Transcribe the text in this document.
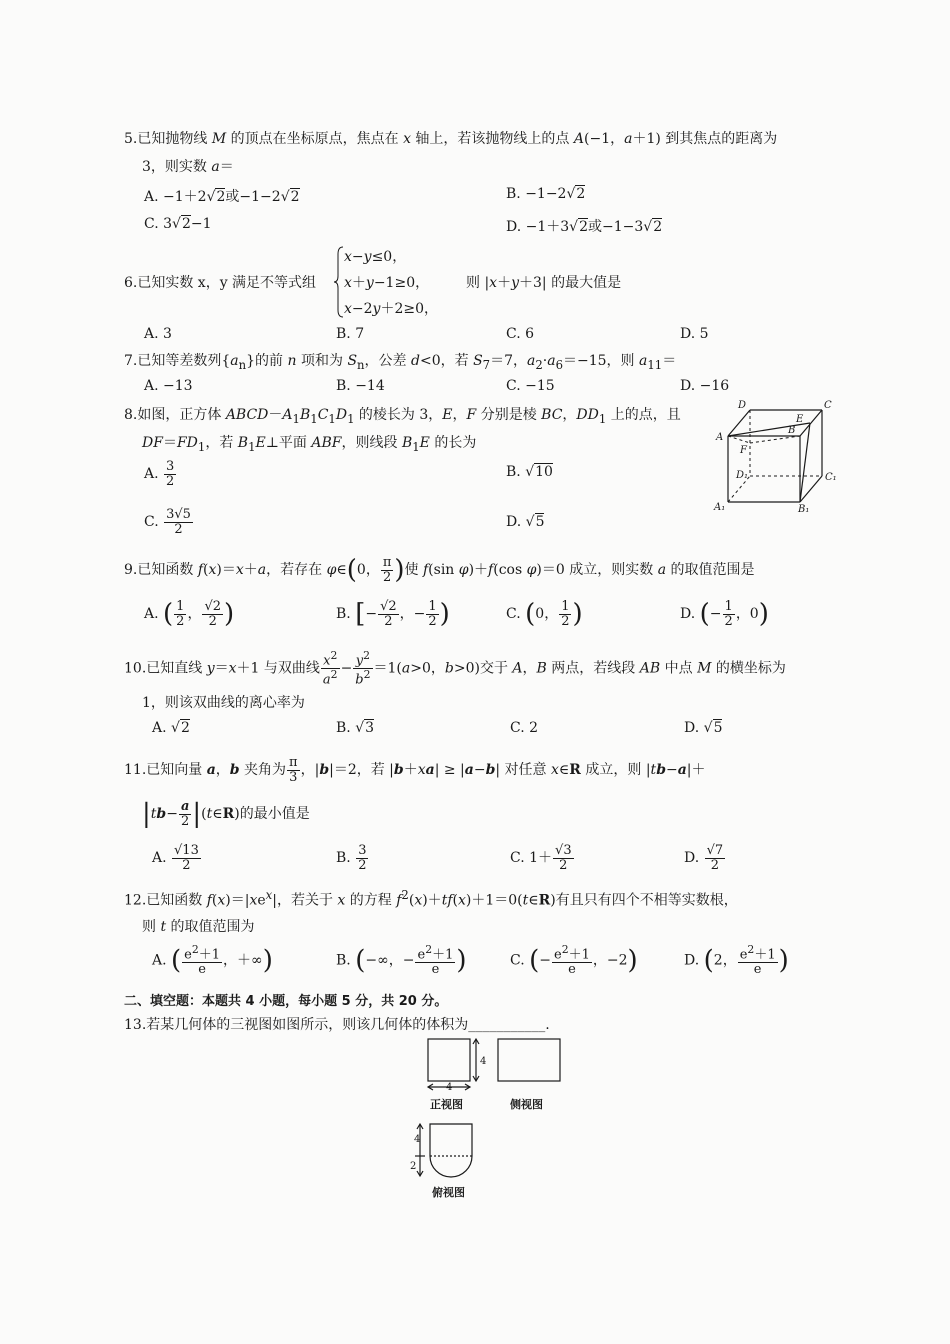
5.已知抛物线 M 的顶点在坐标原点，焦点在 x 轴上，若该抛物线上的点 A(−1，a＋1) 到其焦点的距离为
3，则实数 a＝
A. −1＋2√2或−1−2√2	B. −1−2√2
C. 3√2−1	D. −1＋3√2或−1−3√2
6.已知实数 x，y 满足不等式组
x−y≤0，
x＋y−1≥0，
x−2y＋2≥0，
则 |x＋y＋3| 的最大值是
A. 3	B. 7	C. 6	D. 5
7.已知等差数列$\{a_n\}$的前 n 项和为 $S_n$，公差 d<0，若 $S_7=7$，$a_2\cdot a_6=-15$，则 $a_{11}=$
A. −13	B. −14	C. −15	D. −16
8.如图，正方体 $ABCD-A_1B_1C_1D_1$ 的棱长为 3，E，F 分别是棱 BC，$DD_1$ 上的点，且
$DF=FD_1$，若 $B_1E\perp$平面 ABF，则线段 $B_1E$ 的长为
A. $\frac{3}{2}$	B. √10
C. $\frac{3√5}{2}$	D. √5
D	C
E
B
A
F
D₁	C₁
A₁	B₁
9.已知函数 f(x)＝x＋a，若存在 φ∈(0， $\frac{\pi}{2}$ )使 f(sin φ)＋f(cos φ)＝0 成立，则实数 a 的取值范围是
A. ( $\frac{1}{2}$ ， $\frac{√2}{2}$ )	B. [− $\frac{√2}{2}$ ，− $\frac{1}{2}$ )	C. (0， $\frac{1}{2}$ )	D. (− $\frac{1}{2}$ ，0)
10.已知直线 y＝x＋1 与双曲线 $\frac{x^2}{a^2} - \frac{y^2}{b^2} =1(a>0$，b>0)交于 A，B 两点，若线段 AB 中点 M 的横坐标为
1，则该双曲线的离心率为
A. √2	B. √3	C. 2	D. √5
11.已知向量 a，b 夹角为 $\frac{\pi}{3}$ ，|b|＝2，若 |b＋xa| ≥ |a−b| 对任意 x∈R 成立，则 |tb−a|＋
$|tb- \frac{a}{2}$ |(t∈R)的最小值是
A. $\frac{√13}{2}$	B. $\frac{3}{2}$	C. $1+ \frac{√3}{2}$	D. $\frac{√7}{2}$
12.已知函数 $f(x)=|xe^x|$，若关于 x 的方程 $f^2(x)+tf(x)+1=0(t\in R)$有且只有四个不相等实数根，
则 t 的取值范围为
A. ( $\frac{e^2+1}{e}$ ，＋∞)	B. (−∞，− $\frac{e^2+1}{e}$ )	C. (− $\frac{e^2+1}{e}$ ，−2)	D. (2， $\frac{e^2+1}{e}$ )
二、填空题：本题共 4 小题，每小题 5 分，共 20 分。
13.若某几何体的三视图如图所示，则该几何体的体积为___________.
4
4
4
2
正视图	侧视图
俯视图
